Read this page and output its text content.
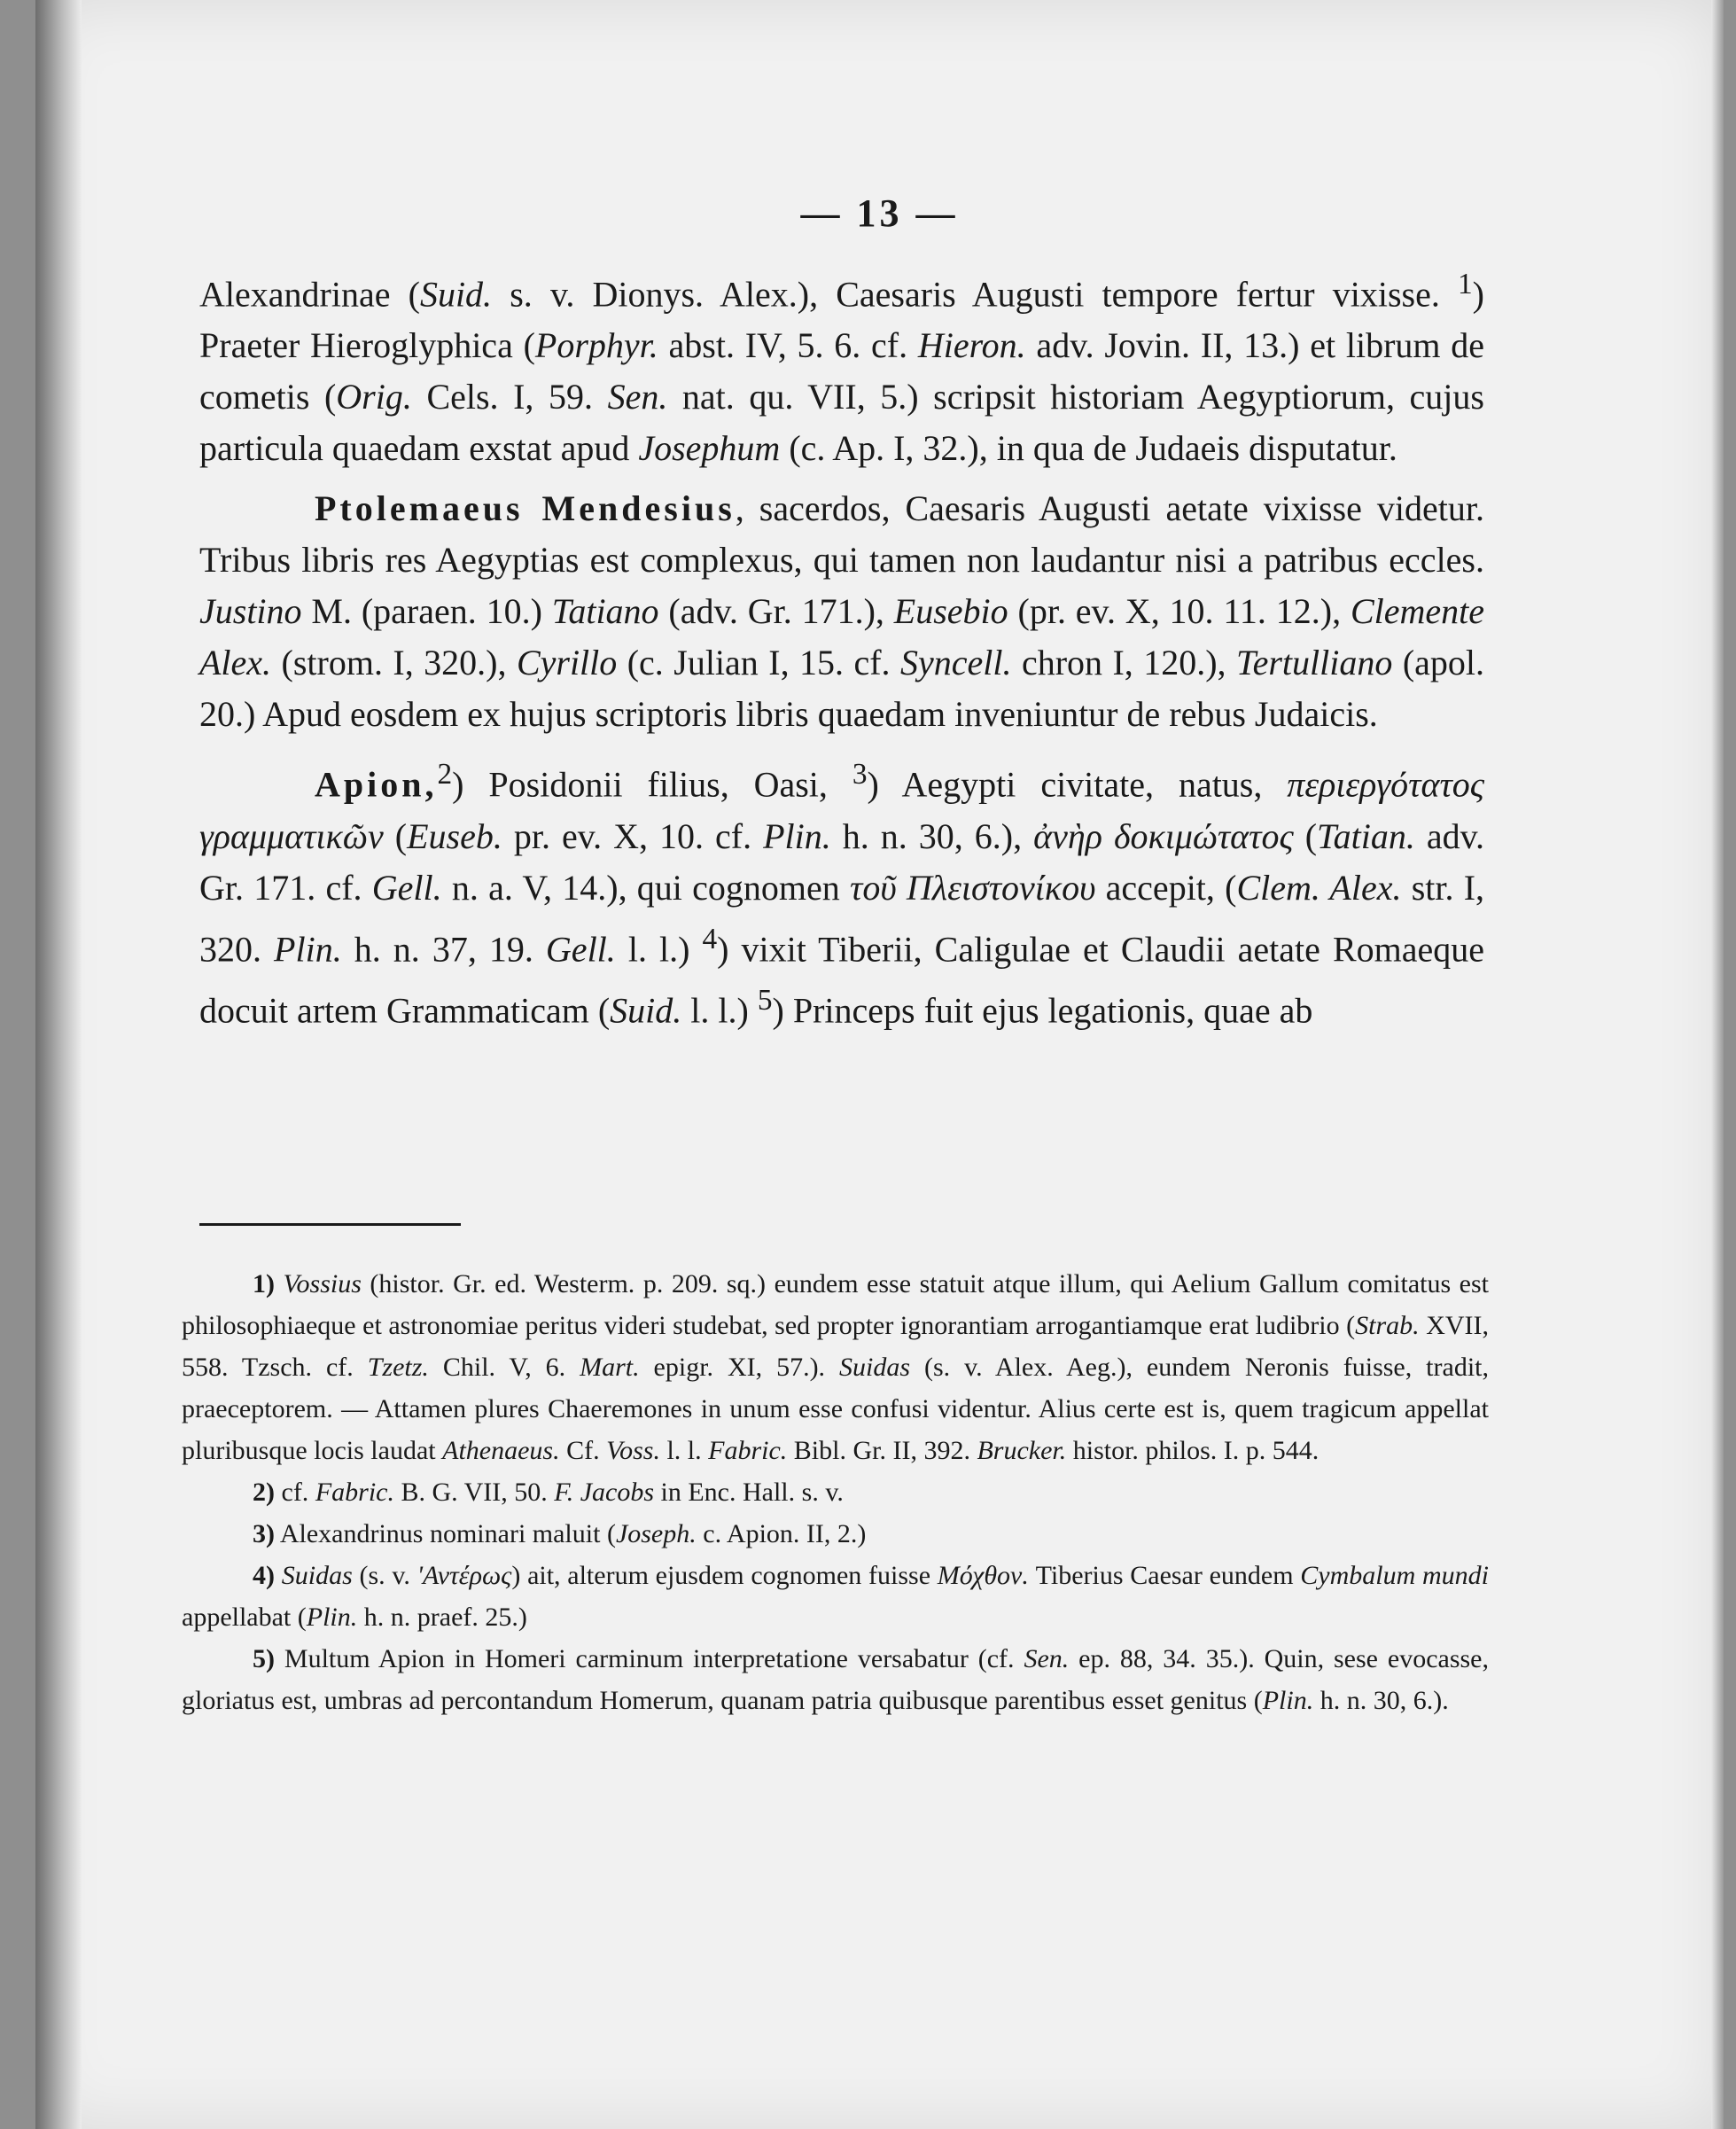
— 13 —

Alexandrinae (Suid. s. v. Dionys. Alex.), Caesaris Augusti tempore fertur vixisse. $^1$) Praeter Hieroglyphica (Porphyr. abst. IV, 5. 6. cf. Hieron. adv. Jovin. II, 13.) et librum de cometis (Orig. Cels. I, 59. Sen. nat. qu. VII, 5.) scripsit historiam Aegyptiorum, cujus particula quaedam exstat apud Josephum (c. Ap. I, 32.), in qua de Judaeis disputatur.

Ptolemaeus Mendesius, sacerdos, Caesaris Augusti aetate vixisse videtur. Tribus libris res Aegyptias est complexus, qui tamen non laudantur nisi a patribus eccles. Justino M. (paraen. 10.) Tatiano (adv. Gr. 171.), Eusebio (pr. ev. X, 10. 11. 12.), Clemente Alex. (strom. I, 320.), Cyrillo (c. Julian I, 15. cf. Syncell. chron I, 120.), Tertulliano (apol. 20.) Apud eosdem ex hujus scriptoris libris quaedam inveniuntur de rebus Judaicis.

Apion,$^2$) Posidonii filius, Oasi, $^3$) Aegypti civitate, natus, περιεργότατος γραμματικῶν (Euseb. pr. ev. X, 10. cf. Plin. h. n. 30, 6.), ἀνὴρ δοκιμώτατος (Tatian. adv. Gr. 171. cf. Gell. n. a. V, 14.), qui cognomen τοῦ Πλειστονίκου accepit, (Clem. Alex. str. I, 320. Plin. h. n. 37, 19. Gell. l. l.) $^4$) vixit Tiberii, Caligulae et Claudii aetate Romaeque docuit artem Grammaticam (Suid. l. l.) $^5$) Princeps fuit ejus legationis, quae ab

1) Vossius (histor. Gr. ed. Westerm. p. 209. sq.) eundem esse statuit atque illum, qui Aelium Gallum comitatus est philosophiaeque et astronomiae peritus videri studebat, sed propter ignorantiam arrogantiamque erat ludibrio (Strab. XVII, 558. Tzsch. cf. Tzetz. Chil. V, 6. Mart. epigr. XI, 57.). Suidas (s. v. Alex. Aeg.), eundem Neronis fuisse, tradit, praeceptorem. — Attamen plures Chaeremones in unum esse confusi videntur. Alius certe est is, quem tragicum appellat pluribusque locis laudat Athenaeus. Cf. Voss. l. l. Fabric. Bibl. Gr. II, 392. Brucker. histor. philos. I. p. 544.

2) cf. Fabric. B. G. VII, 50. F. Jacobs in Enc. Hall. s. v.

3) Alexandrinus nominari maluit (Joseph. c. Apion. II, 2.)

4) Suidas (s. v. 'Αντέρως) ait, alterum ejusdem cognomen fuisse Μόχθον. Tiberius Caesar eundem Cymbalum mundi appellabat (Plin. h. n. praef. 25.)

5) Multum Apion in Homeri carminum interpretatione versabatur (cf. Sen. ep. 88, 34. 35.). Quin, sese evocasse, gloriatus est, umbras ad percontandum Homerum, quanam patria quibusque parentibus esset genitus (Plin. h. n. 30, 6.).
